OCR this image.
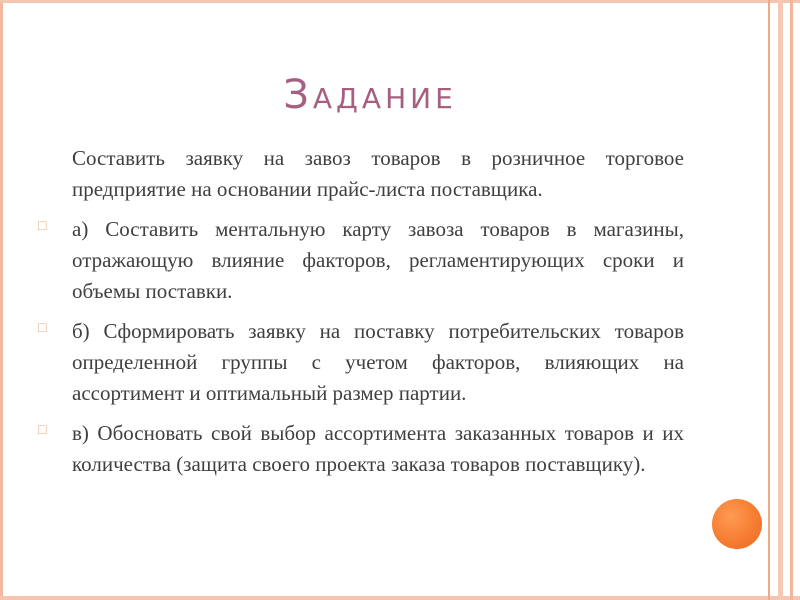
Задание

Составить заявку на завоз товаров в розничное торговое предприятие на основании прайс-листа поставщика.

□ а) Составить ментальную карту завоза товаров в магазины, отражающую влияние факторов, регламентирующих сроки и объемы поставки.
□ б) Сформировать заявку на поставку потребительских товаров определенной группы с учетом факторов, влияющих на ассортимент и оптимальный размер партии.
□ в) Обосновать свой выбор ассортимента заказанных товаров и их количества (защита своего проекта заказа товаров поставщику).
